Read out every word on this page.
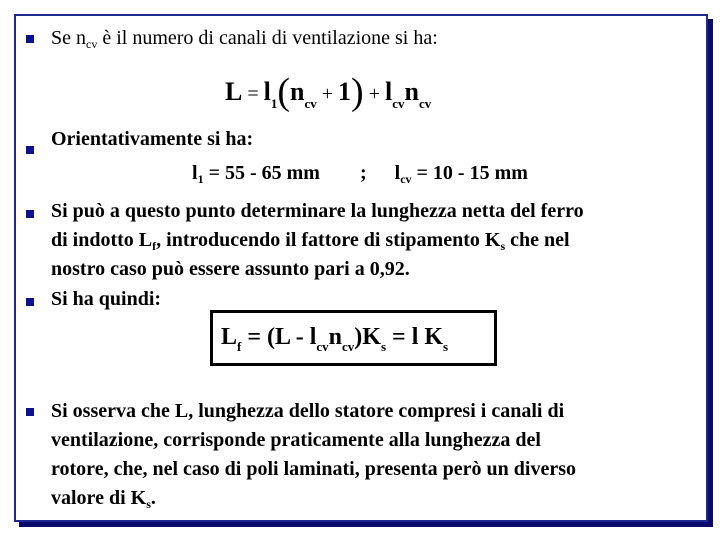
Se $n_{cv}$ è il numero di canali di ventilazione si ha:
$L = l_1(n_{cv} + 1) + l_{cv}n_{cv}$
Orientativamente si ha:
$l_1 = 55 - 65$ mm ; $l_{cv} = 10 - 15$ mm
Si può a questo punto determinare la lunghezza netta del ferro
di indotto $L_f$, introducendo il fattore di stipamento $K_s$ che nel
nostro caso può essere assunto pari a 0,92.
Si ha quindi:
$L_f = (L - l_{cv}n_{cv})K_s = l$ $K_s$
Si osserva che L, lunghezza dello statore compresi i canali di
ventilazione, corrisponde praticamente alla lunghezza del
rotore, che, nel caso di poli laminati, presenta però un diverso
valore di $K_s$.
